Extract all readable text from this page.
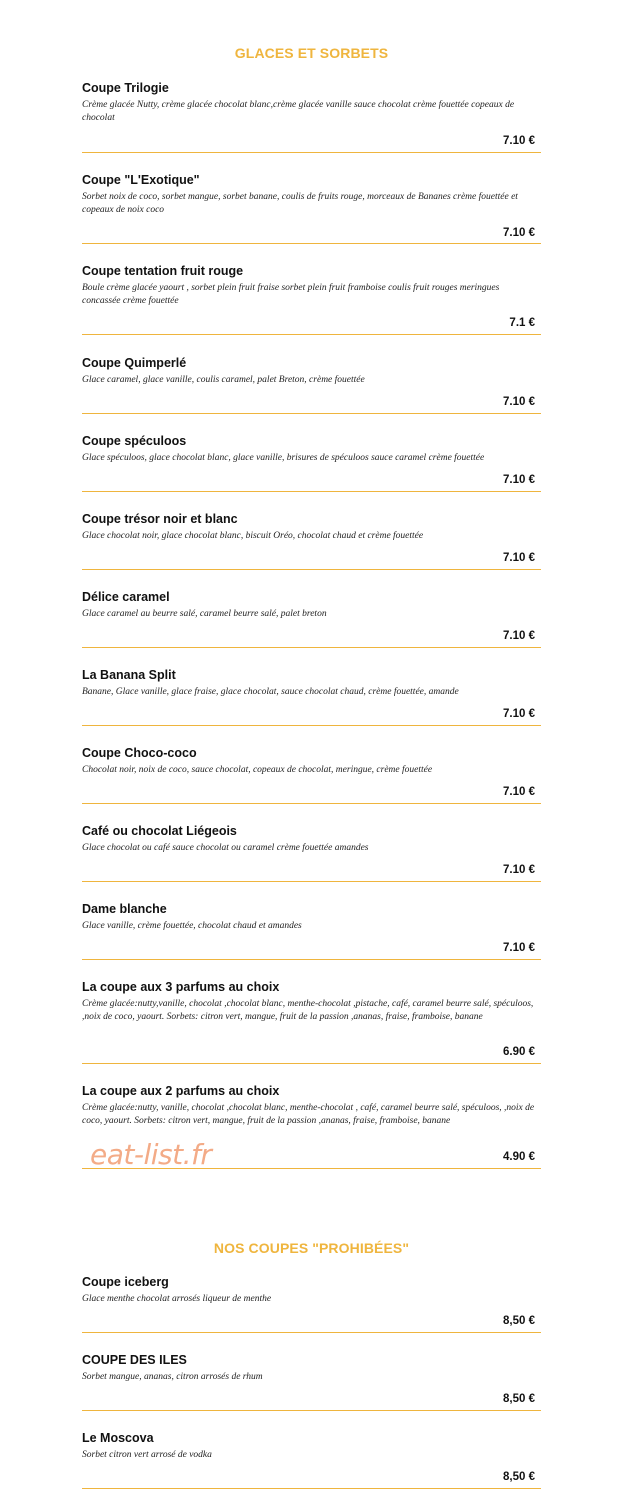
GLACES ET SORBETS
Coupe Trilogie
Crème glacée Nutty, crème glacée chocolat blanc,crème glacée vanille sauce chocolat crème fouettée copeaux de chocolat
7.10 €
Coupe "L'Exotique"
Sorbet noix de coco, sorbet mangue, sorbet banane, coulis de fruits rouge, morceaux de Bananes crème fouettée et copeaux de noix coco
7.10 €
Coupe tentation fruit rouge
Boule crème glacée yaourt , sorbet plein fruit fraise sorbet plein fruit framboise coulis fruit rouges meringues concassée crème fouettée
7.1 €
Coupe Quimperlé
Glace caramel, glace vanille, coulis caramel, palet Breton, crème fouettée
7.10 €
Coupe spéculoos
Glace spéculoos, glace chocolat blanc, glace vanille, brisures de spéculoos sauce caramel crème fouettée
7.10 €
Coupe trésor noir et blanc
Glace chocolat noir, glace chocolat blanc, biscuit Oréo, chocolat chaud et crème fouettée
7.10 €
Délice caramel
Glace caramel au beurre salé, caramel beurre salé, palet breton
7.10 €
La Banana Split
Banane, Glace vanille, glace fraise, glace chocolat, sauce chocolat chaud, crème fouettée, amande
7.10 €
Coupe Choco-coco
Chocolat noir, noix de coco, sauce chocolat, copeaux de chocolat, meringue, crème fouettée
7.10 €
Café ou chocolat Liégeois
Glace chocolat ou café sauce chocolat ou caramel crème fouettée amandes
7.10 €
Dame blanche
Glace vanille, crème fouettée, chocolat chaud et amandes
7.10 €
La coupe aux 3 parfums au choix
Crème glacée:nutty,vanille, chocolat ,chocolat blanc, menthe-chocolat ,pistache, café, caramel beurre salé, spéculoos, ,noix de coco, yaourt. Sorbets: citron vert, mangue, fruit de la passion ,ananas, fraise, framboise, banane
6.90 €
La coupe aux 2 parfums au choix
Crème glacée:nutty, vanille, chocolat ,chocolat blanc, menthe-chocolat , café, caramel beurre salé, spéculoos, ,noix de coco, yaourt. Sorbets: citron vert, mangue, fruit de la passion ,ananas, fraise, framboise, banane
4.90 €
NOS COUPES "PROHIBÉES"
Coupe iceberg
Glace menthe chocolat arrosés liqueur de menthe
8,50 €
COUPE DES ILES
Sorbet mangue, ananas, citron arrosés de rhum
8,50 €
Le Moscova
Sorbet citron vert arrosé de vodka
8,50 €
eat-list.fr
